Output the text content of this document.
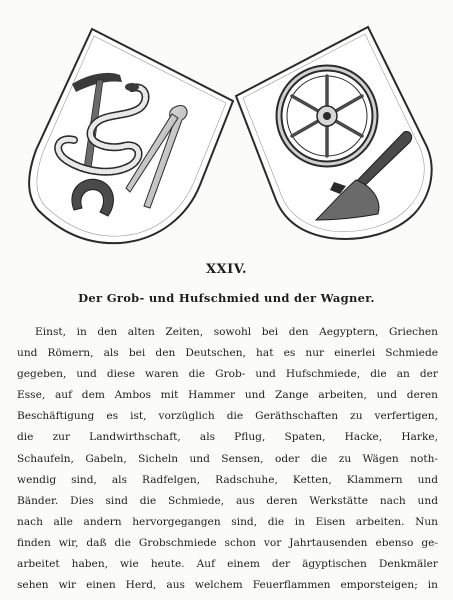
XXIV.
Der Grob- und Hufschmied und der Wagner.
Einst, in den alten Zeiten, sowohl bei den Aegyptern, Griechen
und Römern, als bei den Deutschen, hat es nur einerlei Schmiede
gegeben, und diese waren die Grob- und Hufschmiede, die an der
Esse, auf dem Ambos mit Hammer und Zange arbeiten, und deren
Beschäftigung es ist, vorzüglich die Geräthschaften zu verfertigen,
die zur Landwirthschaft, als Pflug, Spaten, Hacke, Harke,
Schaufeln, Gabeln, Sicheln und Sensen, oder die zu Wägen noth-
wendig sind, als Radfelgen, Radschuhe, Ketten, Klammern und
Bänder. Dies sind die Schmiede, aus deren Werkstätte nach und
nach alle andern hervorgegangen sind, die in Eisen arbeiten. Nun
finden wir, daß die Grobschmiede schon vor Jahrtausenden ebenso ge-
arbeitet haben, wie heute. Auf einem der ägyptischen Denkmäler
sehen wir einen Herd, aus welchem Feuerflammen emporsteigen; in
